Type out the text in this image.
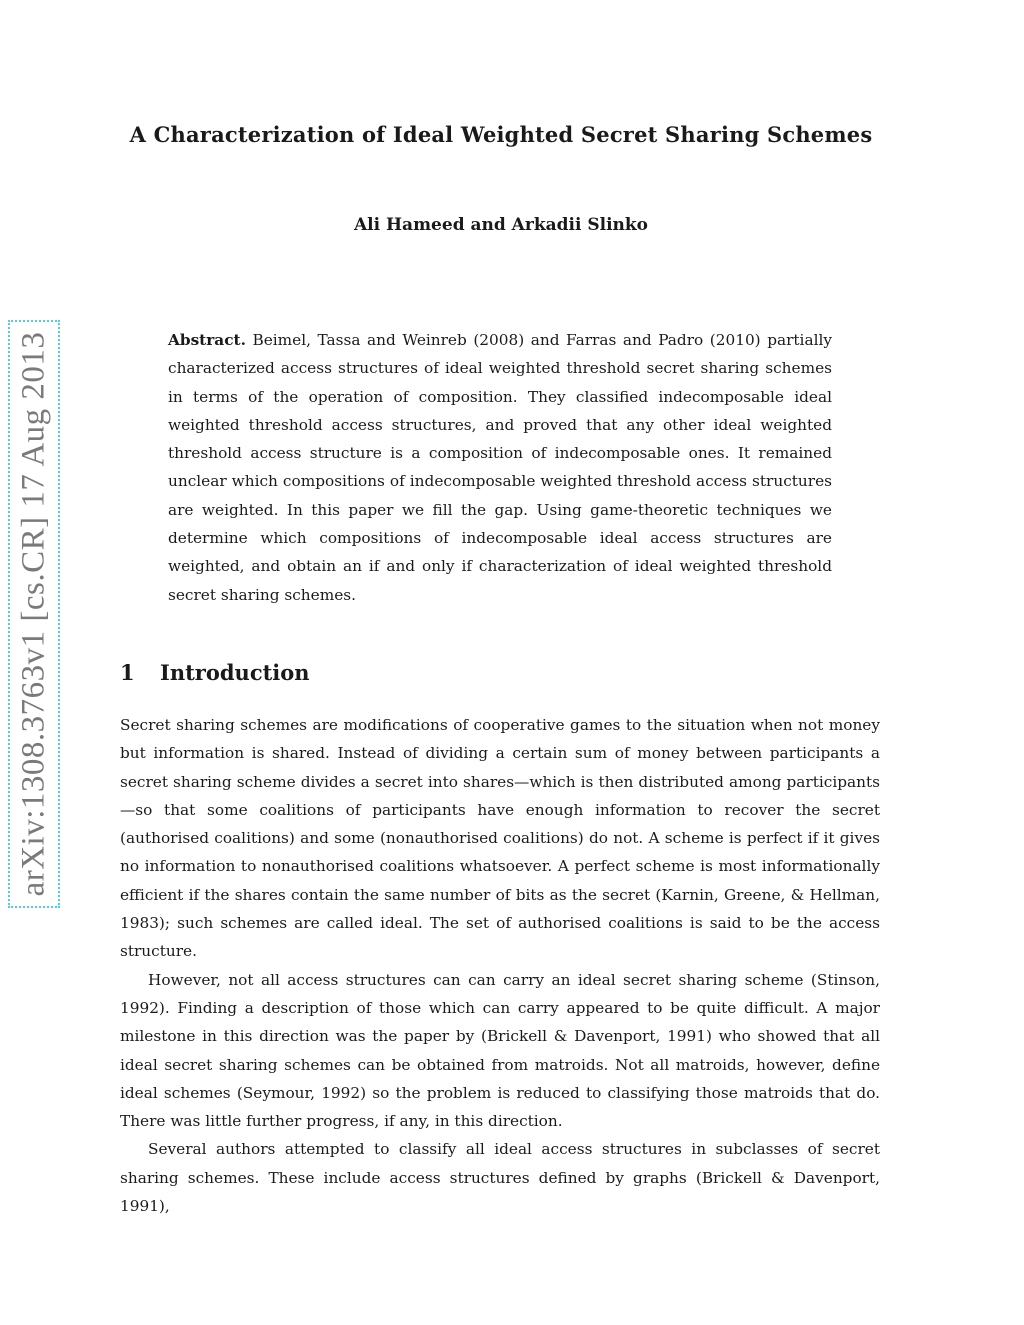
arXiv:1308.3763v1 [cs.CR] 17 Aug 2013
A Characterization of Ideal Weighted Secret Sharing Schemes
Ali Hameed and Arkadii Slinko
Abstract. Beimel, Tassa and Weinreb (2008) and Farras and Padro (2010) partially characterized access structures of ideal weighted threshold secret sharing schemes in terms of the operation of composition. They classified indecomposable ideal weighted threshold access structures, and proved that any other ideal weighted threshold access structure is a composition of indecomposable ones. It remained unclear which compositions of indecomposable weighted threshold access structures are weighted. In this paper we fill the gap. Using game-theoretic techniques we determine which compositions of indecomposable ideal access structures are weighted, and obtain an if and only if characterization of ideal weighted threshold secret sharing schemes.
1 Introduction

Secret sharing schemes are modifications of cooperative games to the situation when not money but information is shared. Instead of dividing a certain sum of money between participants a secret sharing scheme divides a secret into shares—which is then distributed among participants—so that some coalitions of participants have enough information to recover the secret (authorised coalitions) and some (nonauthorised coalitions) do not. A scheme is perfect if it gives no information to nonauthorised coalitions whatsoever. A perfect scheme is most informationally efficient if the shares contain the same number of bits as the secret (Karnin, Greene, & Hellman, 1983); such schemes are called ideal. The set of authorised coalitions is said to be the access structure.

However, not all access structures can can carry an ideal secret sharing scheme (Stinson, 1992). Finding a description of those which can carry appeared to be quite difficult. A major milestone in this direction was the paper by (Brickell & Davenport, 1991) who showed that all ideal secret sharing schemes can be obtained from matroids. Not all matroids, however, define ideal schemes (Seymour, 1992) so the problem is reduced to classifying those matroids that do. There was little further progress, if any, in this direction.

Several authors attempted to classify all ideal access structures in subclasses of secret sharing schemes. These include access structures defined by graphs (Brickell & Davenport, 1991),
